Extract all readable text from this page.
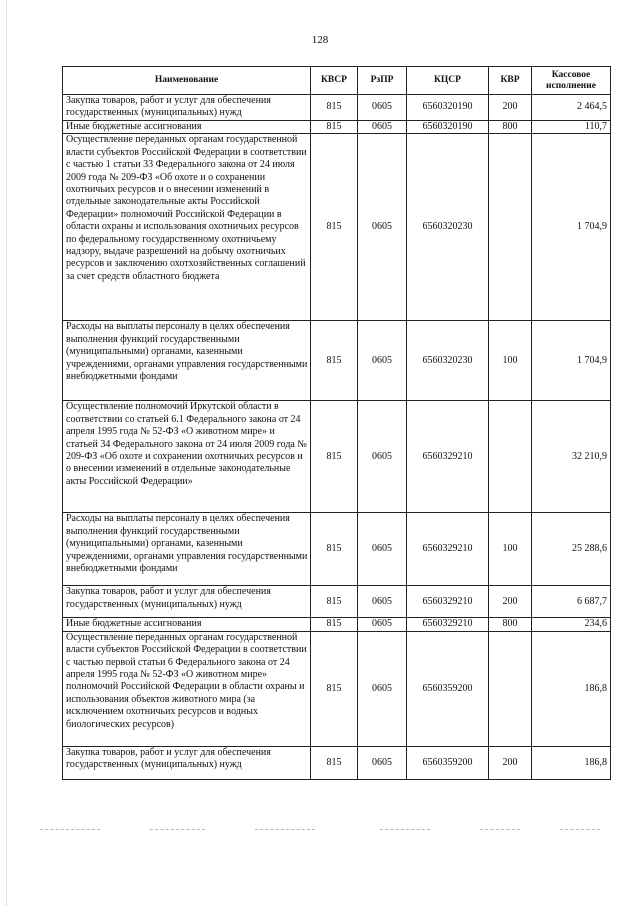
128
Наименование	КВСР	РзПР	КЦСР	КВР	Кассовое исполнение
Закупка товаров, работ и услуг для обеспечения государственных (муниципальных) нужд	815	0605	6560320190	200	2 464,5
Иные бюджетные ассигнования	815	0605	6560320190	800	110,7
Осуществление переданных органам государственной власти субъектов Российской Федерации в соответствии с частью 1 статьи 33 Федерального закона от 24 июля 2009 года № 209-ФЗ «Об охоте и о сохранении охотничьих ресурсов и о внесении изменений в отдельные законодательные акты Российской Федерации» полномочий Российской Федерации в области охраны и использования охотничьих ресурсов по федеральному государственному охотничьему надзору, выдаче разрешений на добычу охотничьих ресурсов и заключению охотхозяйственных соглашений за счет средств областного бюджета	815	0605	6560320230		1 704,9
Расходы на выплаты персоналу в целях обеспечения выполнения функций государственными (муниципальными) органами, казенными учреждениями, органами управления государственными внебюджетными фондами	815	0605	6560320230	100	1 704,9
Осуществление полномочий Иркутской области в соответствии со статьей 6.1 Федерального закона от 24 апреля 1995 года № 52-ФЗ «О животном мире» и статьей 34 Федерального закона от 24 июля 2009 года № 209-ФЗ «Об охоте и сохранении охотничьих ресурсов и о внесении изменений в отдельные законодательные акты Российской Федерации»	815	0605	6560329210		32 210,9
Расходы на выплаты персоналу в целях обеспечения выполнения функций государственными (муниципальными) органами, казенными учреждениями, органами управления государственными внебюджетными фондами	815	0605	6560329210	100	25 288,6
Закупка товаров, работ и услуг для обеспечения государственных (муниципальных) нужд	815	0605	6560329210	200	6 687,7
Иные бюджетные ассигнования	815	0605	6560329210	800	234,6
Осуществление переданных органам государственной власти субъектов Российской Федерации в соответствии с частью первой статьи 6 Федерального закона от 24 апреля 1995 года № 52-ФЗ «О животном мире» полномочий Российской Федерации в области охраны и использования объектов животного мира (за исключением охотничьих ресурсов и водных биологических ресурсов)	815	0605	6560359200		186,8
Закупка товаров, работ и услуг для обеспечения государственных (муниципальных) нужд	815	0605	6560359200	200	186,8
